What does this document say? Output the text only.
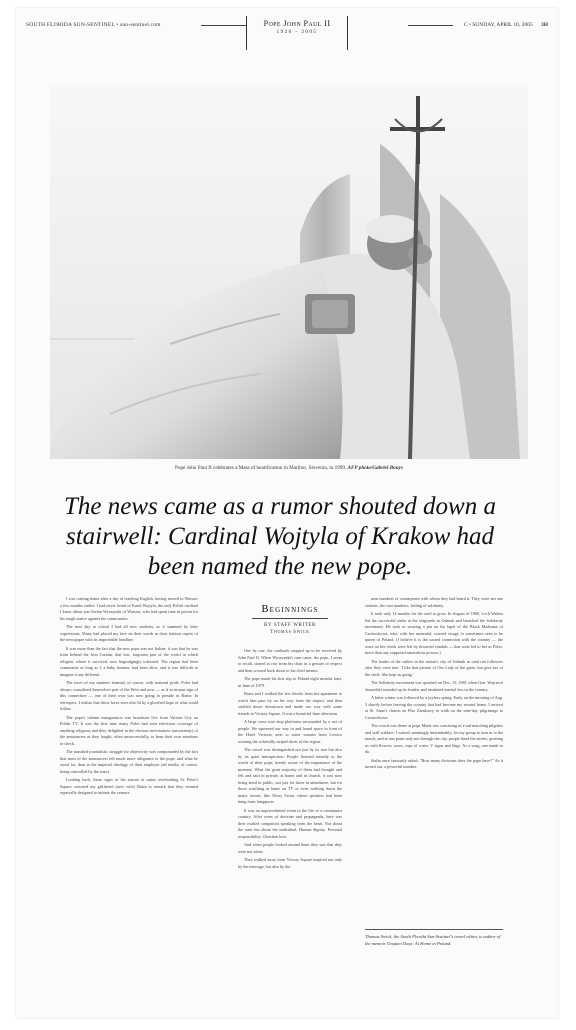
SOUTH FLORIDA SUN-SENTINEL • sun-sentinel.com	Pope John Paul II
1920 - 2005
C • SUNDAY, APRIL 10, 2005 3H
Pope John Paul II celebrates a Mass of beatification in Maribor, Slovenia, in 1999. AFP photo/Gabriel Bouys
The news came as a rumor shouted down a stairwell: Cardinal Wojtyla of Krakow had been named the new pope.

I was coming home after a day of teaching English, having moved to Warsaw a few months earlier. I had never heard of Karol Wojtyla, the only Polish cardinal I knew about was Stefan Wyszynski of Warsaw, who had spent time in prison for his tough stance against the communists.

The next day at school I had all new students, as if summed by their expressions. Many had placed my face on their words in their fashion copies of the newspaper with its improbable headline.

It was more than the fact that the new pope was not Italian; it was that he was from behind the Iron Curtain, that lost, forgotten part of the world in which religion, where it survived, now begrudgingly tolerated. The region had been communist as long as I, a baby boomer, had been alive, and it was difficult to imagine it any different.

The faces of my students beamed, of course, with national pride. Poles had always considered themselves part of the West and now — as if in instant sign of this connection — one of their own was now going to preside in Rome. In retrospect, I realize that those faces were also lit by a glorified hope of what could follow.

The pope's solemn inauguration was broadcast live from Vatican City on Polish TV. It was the first time many Poles had seen television coverage of anything religious and they delighted in the obvious nervousness (uncertainty) of the announcers as they fought, often unsuccessfully, to keep their own emotions in check.

The standard journalistic struggle for objectivity was compounded by the fact that most of the announcers felt much more allegiance to the pope, and what he stood for, than to the imperial ideology of their employer (all media, of course, being controlled by the state).

Looking back, those signs of the stature of saints overlooking St. Peter's Square crowned my girlfriend (now wife) Basia to remark that they seemed especially designed to imitate the censors.

Beginnings
BY STAFF WRITER
Thomas Swick

One by one, the cardinals stepped up to be received by John Paul II. When Wyszynski's turn came, the pope, I seem to recall, started to rise from his chair in a gesture of respect and then crossed back down to his chief mentor.

The pope made his first trip to Poland eight months later, in June of 1979.

Basia and I walked the few blocks from her apartment to watch him pass by on his way from the airport, and then strolled down downtown and made our way with some friends to Victory Square. It was a beautiful June afternoon.

A large cross rose atop platforms surrounded by a sea of people. We squeezed our way in and found space in front of the Hotel Victoria, next to some women from Lowicz wearing the colorfully striped skirts of the region.

The crowd was distinguished not just by its size but also by its quiet introspection. People listened intently to the words of their pope, keenly aware of the importance of the moment. What the great majority of them had thought and felt and said in private, at home and in church, it was now being aired in public, not just for those in attendance, but for those watching at home on TV or even walking down the major streets, like Nowy Swiat, where speakers had been hung from lampposts.

It was an unprecedented event in the life of a communist country. After years of doctrine and propaganda, here was their exalted compatriot speaking from the heart. Not about the state but about the individual. Human dignity. Personal responsibility. Christian love.

And when people looked around them they saw that they were not alone.

They walked away from Victory Square inspired not only by the message, but also by the

near numbers of countrymen with whom they had heard it. They were not one statistic, the vast numbers, feeling of solidarity.

It took only 14 months for the seed to grow. In August of 1980, Lech Walesa led the successful strike at the shipyards in Gdansk and launched the Solidarity movement. He took to wearing a pin on his lapel of the Black Madonna of Czestochowa, who, with her mournful, scarred visage, is sometimes seen to be queen of Poland. (I believe it is the sacred connection with the country — the scars on her cheek were left by thwarted vandals — that soon led to her as Poles, more than any supposed miraculous powers.)

The leader of the strikes in the nation's city of Gdansk in total ran followers after they were met. 'I like that picture of Our Lady of the gates, but give her of the strife. She kept us going.'

The Solidarity movement was quashed on Dec. 13, 1981 when Gen. Wojciech Jaruzelski rounded up its leaders and instituted martial law in the country.

A bitter winter was followed by a joyless spring. Early on the morning of Aug. 3 shortly before leaving the country that had become my second home, I arrived at St. Anne's church on Plac Zamkowy to walk on the nine-day pilgrimage to Czestochowa.

The crowd was dense at pope Marie was consisting of a sad marching pilgrims and wall walkers. I waited, seemingly interminably, for my group to turn in to the march, and at one point only not through the city, people lined the streets, greeting us with flowers, roses, cups of water, V signs and flags. As a song, one made to do.

Stalin once famously asked: "How many divisions does the pope have?" As it turned out, a powerful number.

Thomas Swick, the South Florida Sun-Sentinel's travel editor, is author of the memoir Unquiet Days: At Home in Poland.
